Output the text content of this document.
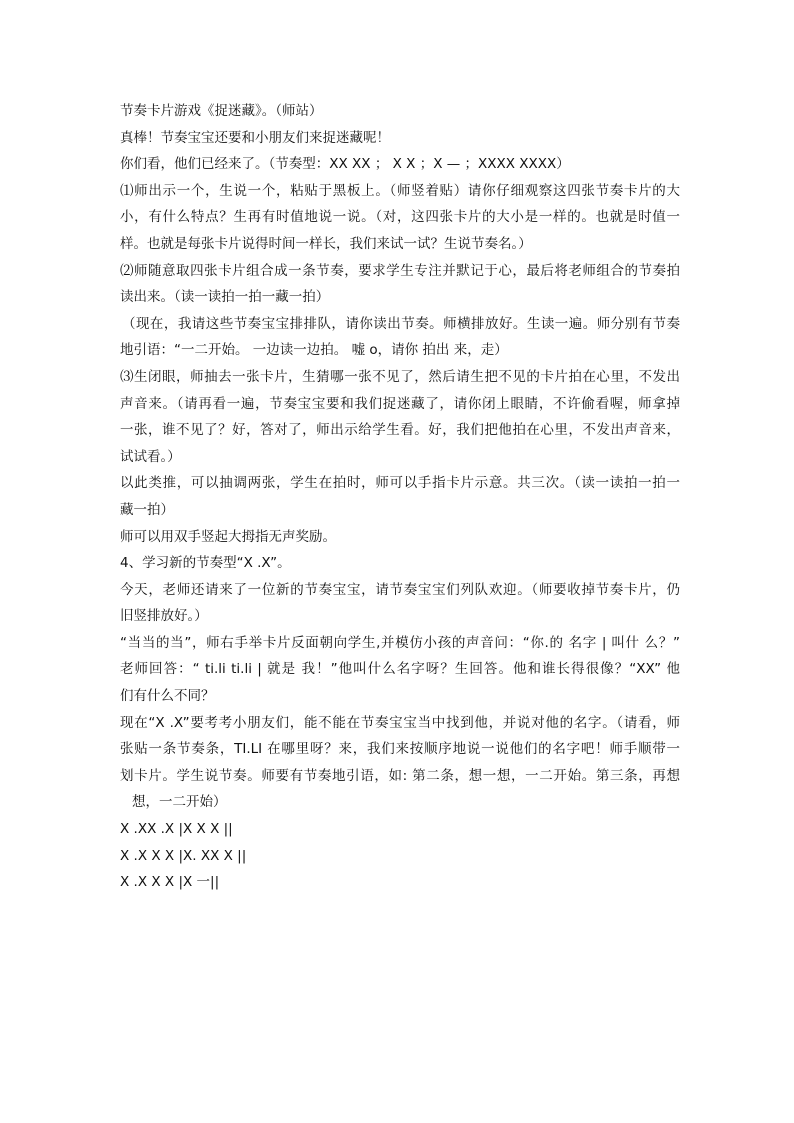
节奏卡片游戏《捉迷藏》。（师站）
真棒！节奏宝宝还要和小朋友们来捉迷藏呢！
你们看，他们已经来了。（节奏型：XX XX ； X X ；X — ；XXXX XXXX）
⑴师出示一个，生说一个，粘贴于黑板上。（师竖着贴）请你仔细观察这四张节奏卡片的大
小，有什么特点？生再有时值地说一说。（对，这四张卡片的大小是一样的。也就是时值一
样。也就是每张卡片说得时间一样长，我们来试一试？生说节奏名。）
⑵师随意取四张卡片组合成一条节奏，要求学生专注并默记于心，最后将老师组合的节奏拍
读出来。（读一读拍一拍一藏一拍）
（现在，我请这些节奏宝宝排排队，请你读出节奏。师横排放好。生读一遍。师分别有节奏
地引语：“一二开始。 一边读一边拍。 嘘 o，请你 拍出 来，走）
⑶生闭眼，师抽去一张卡片，生猜哪一张不见了，然后请生把不见的卡片拍在心里，不发出
声音来。（请再看一遍，节奏宝宝要和我们捉迷藏了，请你闭上眼睛，不许偷看喔，师拿掉
一张，谁不见了？好，答对了，师出示给学生看。好，我们把他拍在心里，不发出声音来，
试试看。）
以此类推，可以抽调两张，学生在拍时，师可以手指卡片示意。共三次。（读一读拍一拍一
藏一拍）
师可以用双手竖起大拇指无声奖励。
4、学习新的节奏型“X .X”。
今天，老师还请来了一位新的节奏宝宝，请节奏宝宝们列队欢迎。（师要收掉节奏卡片，仍
旧竖排放好。）
“当当的当”，师右手举卡片反面朝向学生,并模仿小孩的声音问：“你.的 名字 | 叫什 么？”
老师回答：“ ti.li ti.li | 就是 我！”他叫什么名字呀？生回答。他和谁长得很像？“XX” 他
们有什么不同？
现在“X .X”要考考小朋友们，能不能在节奏宝宝当中找到他，并说对他的名字。（请看，师
张贴一条节奏条，TI.LI 在哪里呀？来，我们来按顺序地说一说他们的名字吧！师手顺带一
划卡片。学生说节奏。师要有节奏地引语，如: 第二条，想一想，一二开始。第三条，再想
想，一二开始）
X .XX .X |X X X ||
X .X X X |X. XX X ||
X .X X X |X 一||
